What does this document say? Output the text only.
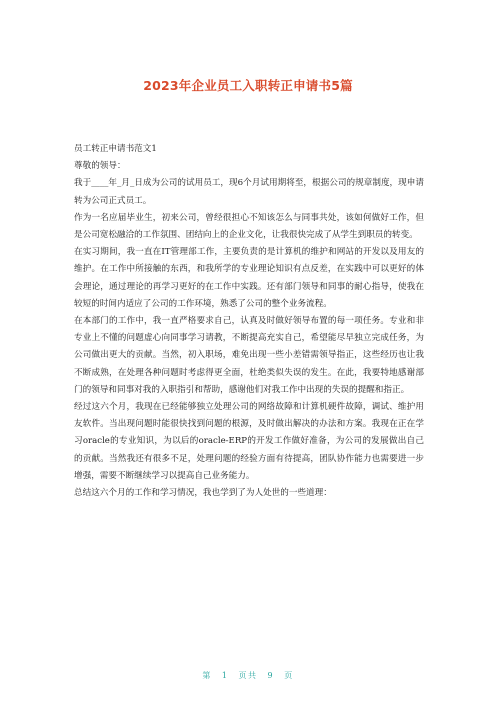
2023年企业员工入职转正申请书5篇

员工转正申请书范文1

尊敬的领导：

我于____年_月_日成为公司的试用员工，现6个月试用期将至，根据公司的规章制度，现申请转为公司正式员工。

作为一名应届毕业生，初来公司，曾经很担心不知该怎么与同事共处，该如何做好工作，但是公司宽松融洽的工作氛围、团结向上的企业文化，让我很快完成了从学生到职员的转变。

在实习期间，我一直在IT管理部工作，主要负责的是计算机的维护和网站的开发以及用友的维护。在工作中所接触的东西，和我所学的专业理论知识有点反差，在实践中可以更好的体会理论，通过理论的再学习更好的在工作中实践。还有部门领导和同事的耐心指导，使我在较短的时间内适应了公司的工作环境，熟悉了公司的整个业务流程。

在本部门的工作中，我一直严格要求自己，认真及时做好领导布置的每一项任务。专业和非专业上不懂的问题虚心向同事学习请教，不断提高充实自己，希望能尽早独立完成任务，为公司做出更大的贡献。当然，初入职场，难免出现一些小差错需领导指正，这些经历也让我不断成熟，在处理各种问题时考虑得更全面，杜绝类似失误的发生。在此，我要特地感谢部门的领导和同事对我的入职指引和帮助，感谢他们对我工作中出现的失误的提醒和指正。

经过这六个月，我现在已经能够独立处理公司的网络故障和计算机硬件故障，调试、维护用友软件。当出现问题时能很快找到问题的根源，及时做出解决的办法和方案。我现在正在学习oracle的专业知识，为以后的oracle-ERP的开发工作做好准备，为公司的发展做出自己的贡献。当然我还有很多不足，处理问题的经验方面有待提高，团队协作能力也需要进一步增强，需要不断继续学习以提高自己业务能力。

总结这六个月的工作和学习情况，我也学到了为人处世的一些道理：

第 1 页共 9 页
